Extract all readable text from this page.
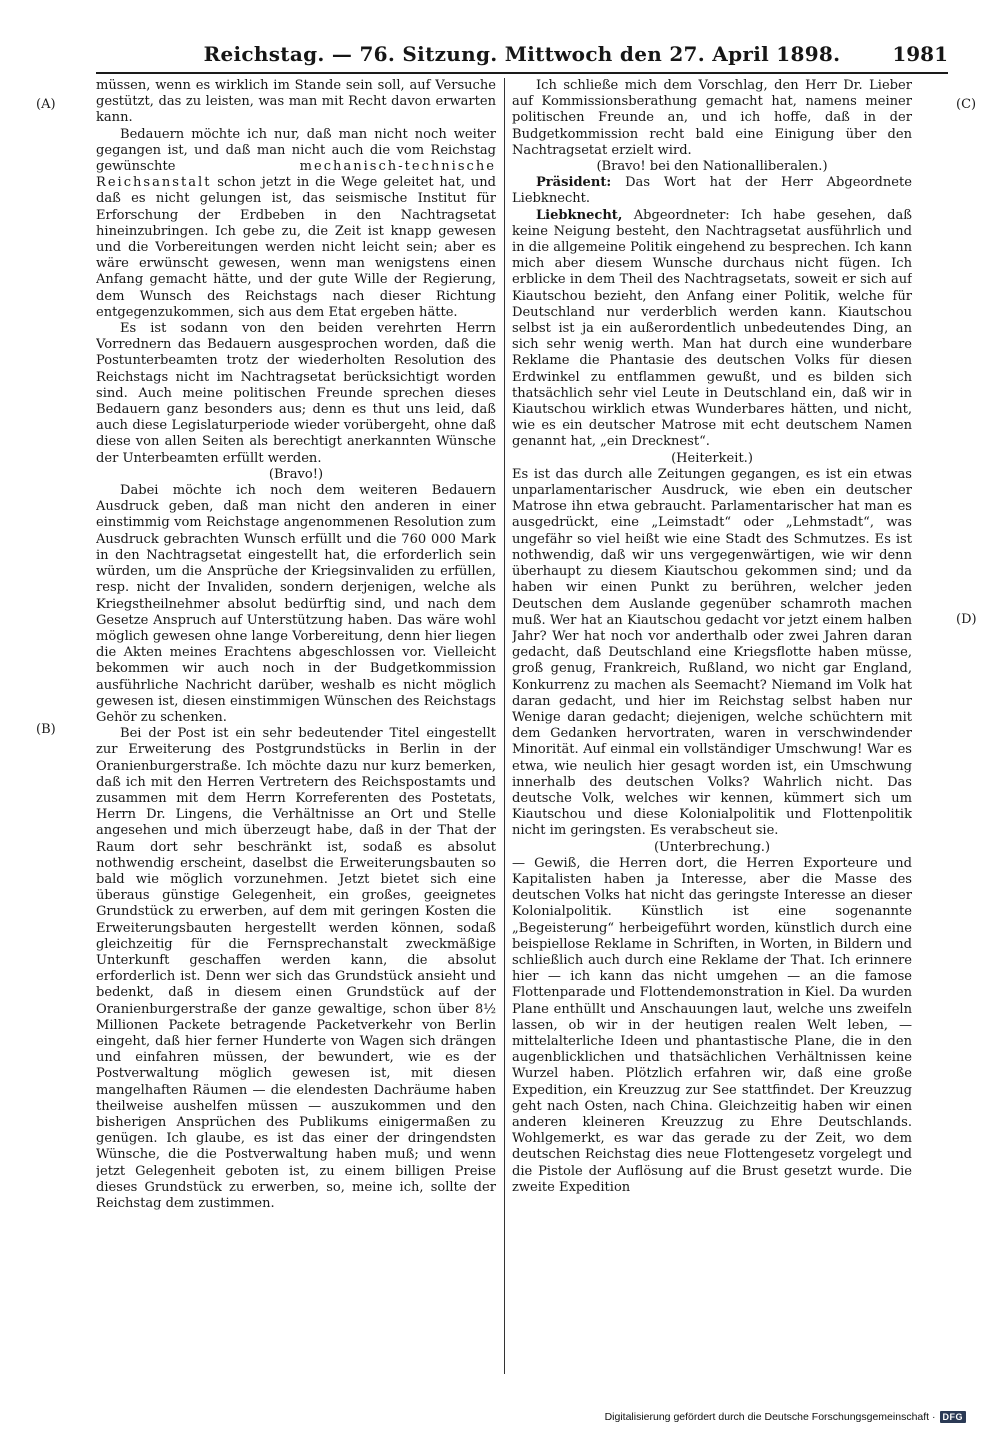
Reichstag. — 76. Sitzung. Mittwoch den 27. April 1898.	1981
(A)
(B)
(C)
(D)

müssen, wenn es wirklich im Stande sein soll, auf Versuche gestützt, das zu leisten, was man mit Recht davon erwarten kann.

Bedauern möchte ich nur, daß man nicht noch weiter gegangen ist, und daß man nicht auch die vom Reichstag gewünschte	mechanisch-technische Reichsanstalt schon jetzt in die Wege geleitet hat, und daß es nicht gelungen ist, das seismische Institut für Erforschung der Erdbeben in den Nachtragsetat hineinzubringen. Ich gebe zu, die Zeit ist knapp gewesen und die Vorbereitungen werden nicht leicht sein; aber es wäre erwünscht gewesen, wenn man wenigstens einen Anfang gemacht hätte, und der gute Wille der Regierung, dem Wunsch des Reichstags nach dieser Richtung entgegenzukommen, sich aus dem Etat ergeben hätte.

Es ist sodann von den beiden verehrten Herrn Vorrednern das Bedauern ausgesprochen worden, daß die Postunterbeamten trotz der wiederholten Resolution des Reichstags nicht im Nachtragsetat berücksichtigt worden sind. Auch meine politischen Freunde sprechen dieses Bedauern ganz besonders aus; denn es thut uns leid, daß auch diese Legislaturperiode wieder vorübergeht, ohne daß diese von allen Seiten als berechtigt anerkannten Wünsche der Unterbeamten erfüllt werden.

(Bravo!)

Dabei möchte ich noch dem weiteren Bedauern Ausdruck geben, daß man nicht den anderen in einer einstimmig vom Reichstage angenommenen Resolution zum Ausdruck gebrachten Wunsch erfüllt und die 760 000 Mark in den Nachtragsetat eingestellt hat, die erforderlich sein würden, um die Ansprüche der Kriegsinvaliden zu erfüllen, resp. nicht der Invaliden, sondern derjenigen, welche als Kriegstheilnehmer absolut bedürftig sind, und nach dem Gesetze Anspruch auf Unterstützung haben. Das wäre wohl möglich gewesen ohne lange Vorbereitung, denn hier liegen die Akten meines Erachtens abgeschlossen vor. Vielleicht bekommen wir auch noch in der Budgetkommission ausführliche Nachricht darüber, weshalb es nicht möglich gewesen ist, diesen einstimmigen Wünschen des Reichstags Gehör zu schenken.

Bei der Post ist ein sehr bedeutender Titel eingestellt zur Erweiterung des Postgrundstücks in Berlin in der Oranienburgerstraße. Ich möchte dazu nur kurz bemerken, daß ich mit den Herren Vertretern des Reichspostamts und zusammen mit dem Herrn Korreferenten des Postetats, Herrn Dr. Lingens, die Verhältnisse an Ort und Stelle angesehen und mich überzeugt habe, daß in der That der Raum dort sehr beschränkt ist, sodaß es absolut nothwendig erscheint, daselbst die Erweiterungsbauten so bald wie möglich vorzunehmen. Jetzt bietet sich eine überaus günstige Gelegenheit, ein großes, geeignetes Grundstück zu erwerben, auf dem mit geringen Kosten die Erweiterungsbauten hergestellt werden können, sodaß gleichzeitig für die Fernsprechanstalt zweckmäßige Unterkunft geschaffen werden kann, die absolut erforderlich ist. Denn wer sich das Grundstück ansieht und bedenkt, daß in diesem einen Grundstück auf der Oranienburgerstraße der ganze gewaltige, schon über 8½ Millionen Packete betragende Packetverkehr von Berlin eingeht, daß hier ferner Hunderte von Wagen sich drängen und einfahren müssen, der bewundert, wie es der Postverwaltung möglich gewesen ist, mit diesen mangelhaften Räumen — die elendesten Dachräume haben theilweise aushelfen müssen — auszukommen und den bisherigen Ansprüchen des Publikums einigermaßen zu genügen. Ich glaube, es ist das einer der dringendsten Wünsche, die die Postverwaltung haben muß; und wenn jetzt Gelegenheit geboten ist, zu einem billigen Preise dieses Grundstück zu erwerben, so, meine ich, sollte der Reichstag dem zustimmen.

Ich schließe mich dem Vorschlag, den Herr Dr. Lieber auf Kommissionsberathung gemacht hat, namens meiner politischen Freunde an, und ich hoffe, daß in der Budgetkommission recht bald eine Einigung über den Nachtragsetat erzielt wird.

(Bravo! bei den Nationalliberalen.)

Präsident: Das Wort hat der Herr Abgeordnete Liebknecht.

Liebknecht, Abgeordneter: Ich habe gesehen, daß keine Neigung besteht, den Nachtragsetat ausführlich und in die allgemeine Politik eingehend zu besprechen. Ich kann mich aber diesem Wunsche durchaus nicht fügen. Ich erblicke in dem Theil des Nachtragsetats, soweit er sich auf Kiautschou bezieht, den Anfang einer Politik, welche für Deutschland nur verderblich werden kann. Kiautschou selbst ist ja ein außerordentlich unbedeutendes Ding, an sich sehr wenig werth. Man hat durch eine wunderbare Reklame die Phantasie des deutschen Volks für diesen Erdwinkel zu entflammen gewußt, und es bilden sich thatsächlich sehr viel Leute in Deutschland ein, daß wir in Kiautschou wirklich etwas Wunderbares hätten, und nicht, wie es ein deutscher Matrose mit echt deutschem Namen genannt hat, „ein Drecknest“.

(Heiterkeit.)

Es ist das durch alle Zeitungen gegangen, es ist ein etwas unparlamentarischer Ausdruck, wie eben ein deutscher Matrose ihn etwa gebraucht. Parlamentarischer hat man es ausgedrückt, eine „Leimstadt“ oder „Lehmstadt“, was ungefähr so viel heißt wie eine Stadt des Schmutzes. Es ist nothwendig, daß wir uns vergegenwärtigen, wie wir denn überhaupt zu diesem Kiautschou gekommen sind; und da haben wir einen Punkt zu berühren, welcher jeden Deutschen dem Auslande gegenüber schamroth machen muß. Wer hat an Kiautschou gedacht vor jetzt einem halben Jahr? Wer hat noch vor anderthalb oder zwei Jahren daran gedacht, daß Deutschland eine Kriegsflotte haben müsse, groß genug, Frankreich, Rußland, wo nicht gar England, Konkurrenz zu machen als Seemacht? Niemand im Volk hat daran gedacht, und hier im Reichstag selbst haben nur Wenige daran gedacht; diejenigen, welche schüchtern mit dem Gedanken hervortraten, waren in verschwindender Minorität. Auf einmal ein vollständiger Umschwung! War es etwa, wie neulich hier gesagt worden ist, ein Umschwung innerhalb des deutschen Volks? Wahrlich nicht. Das deutsche Volk, welches wir kennen, kümmert sich um Kiautschou und diese Kolonialpolitik und Flottenpolitik nicht im geringsten. Es verabscheut sie.

(Unterbrechung.)

— Gewiß, die Herren dort, die Herren Exporteure und Kapitalisten haben ja Interesse, aber die Masse des deutschen Volks hat nicht das geringste Interesse an dieser Kolonialpolitik. Künstlich ist eine sogenannte „Begeisterung“ herbeigeführt worden, künstlich durch eine beispiellose Reklame in Schriften, in Worten, in Bildern und schließlich auch durch eine Reklame der That. Ich erinnere hier — ich kann das nicht umgehen — an die famose Flottenparade und Flottendemonstration in Kiel. Da wurden Plane enthüllt und Anschauungen laut, welche uns zweifeln lassen, ob wir in der heutigen realen Welt leben, — mittelalterliche Ideen und phantastische Plane, die in den augenblicklichen und thatsächlichen Verhältnissen keine Wurzel haben. Plötzlich erfahren wir, daß eine große Expedition, ein Kreuzzug zur See stattfindet. Der Kreuzzug geht nach Osten, nach China. Gleichzeitig haben wir einen anderen kleineren Kreuzzug zu Ehre Deutschlands. Wohlgemerkt, es war das gerade zu der Zeit, wo dem deutschen Reichstag dies neue Flottengesetz vorgelegt und die Pistole der Auflösung auf die Brust gesetzt wurde. Die zweite Expedition

Digitalisierung gefördert durch die Deutsche Forschungsgemeinschaft · DFG
